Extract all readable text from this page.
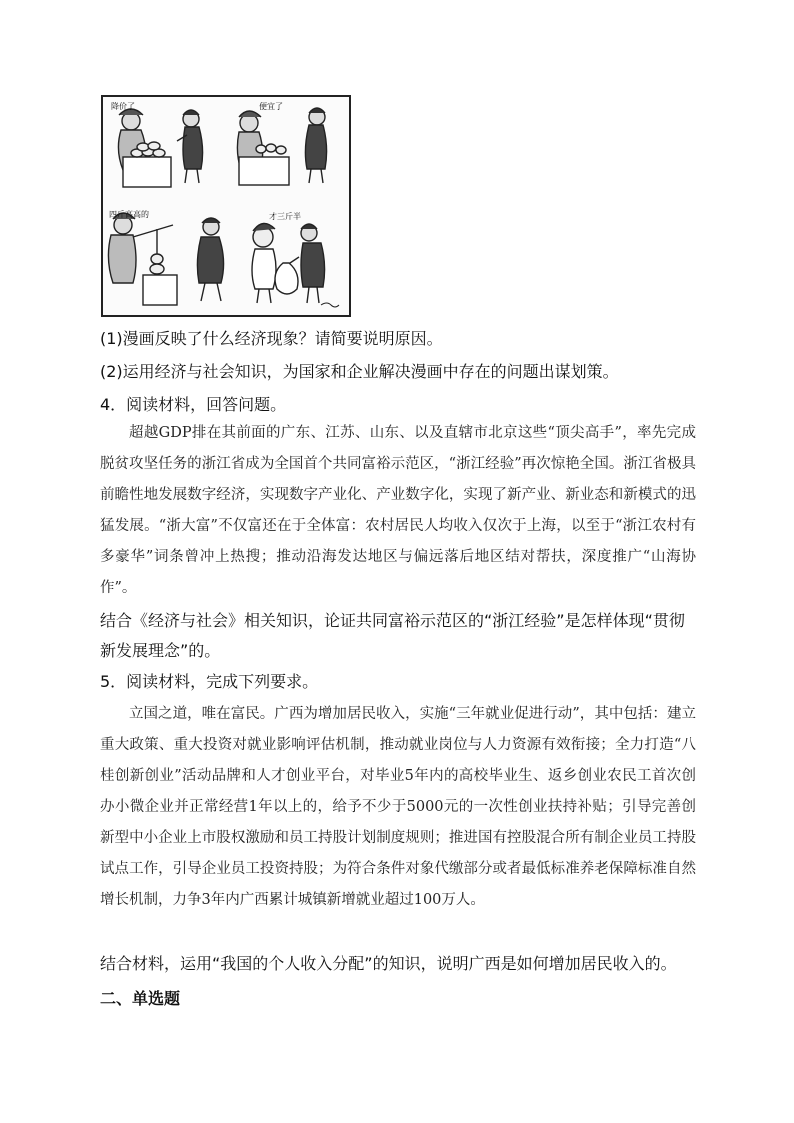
降价了	便宜了
四斤高高的	才三斤半
(1)漫画反映了什么经济现象？请简要说明原因。
(2)运用经济与社会知识，为国家和企业解决漫画中存在的问题出谋划策。
4．阅读材料，回答问题。

超越GDP排在其前面的广东、江苏、山东、以及直辖市北京这些“顶尖高手”，率先完成脱贫攻坚任务的浙江省成为全国首个共同富裕示范区，“浙江经验”再次惊艳全国。浙江省极具前瞻性地发展数字经济，实现数字产业化、产业数字化，实现了新产业、新业态和新模式的迅猛发展。“浙大富”不仅富还在于全体富：农村居民人均收入仅次于上海，以至于“浙江农村有多豪华”词条曾冲上热搜；推动沿海发达地区与偏远落后地区结对帮扶，深度推广“山海协作”。

结合《经济与社会》相关知识，论证共同富裕示范区的“浙江经验”是怎样体现“贯彻新发展理念”的。

5．阅读材料，完成下列要求。

立国之道，唯在富民。广西为增加居民收入，实施“三年就业促进行动”，其中包括：建立重大政策、重大投资对就业影响评估机制，推动就业岗位与人力资源有效衔接；全力打造“八桂创新创业”活动品牌和人才创业平台，对毕业5年内的高校毕业生、返乡创业农民工首次创办小微企业并正常经营1年以上的，给予不少于5000元的一次性创业扶持补贴；引导完善创新型中小企业上市股权激励和员工持股计划制度规则；推进国有控股混合所有制企业员工持股试点工作，引导企业员工投资持股；为符合条件对象代缴部分或者最低标准养老保障标准自然增长机制，力争3年内广西累计城镇新增就业超过100万人。

结合材料，运用“我国的个人收入分配”的知识，说明广西是如何增加居民收入的。

二、单选题
